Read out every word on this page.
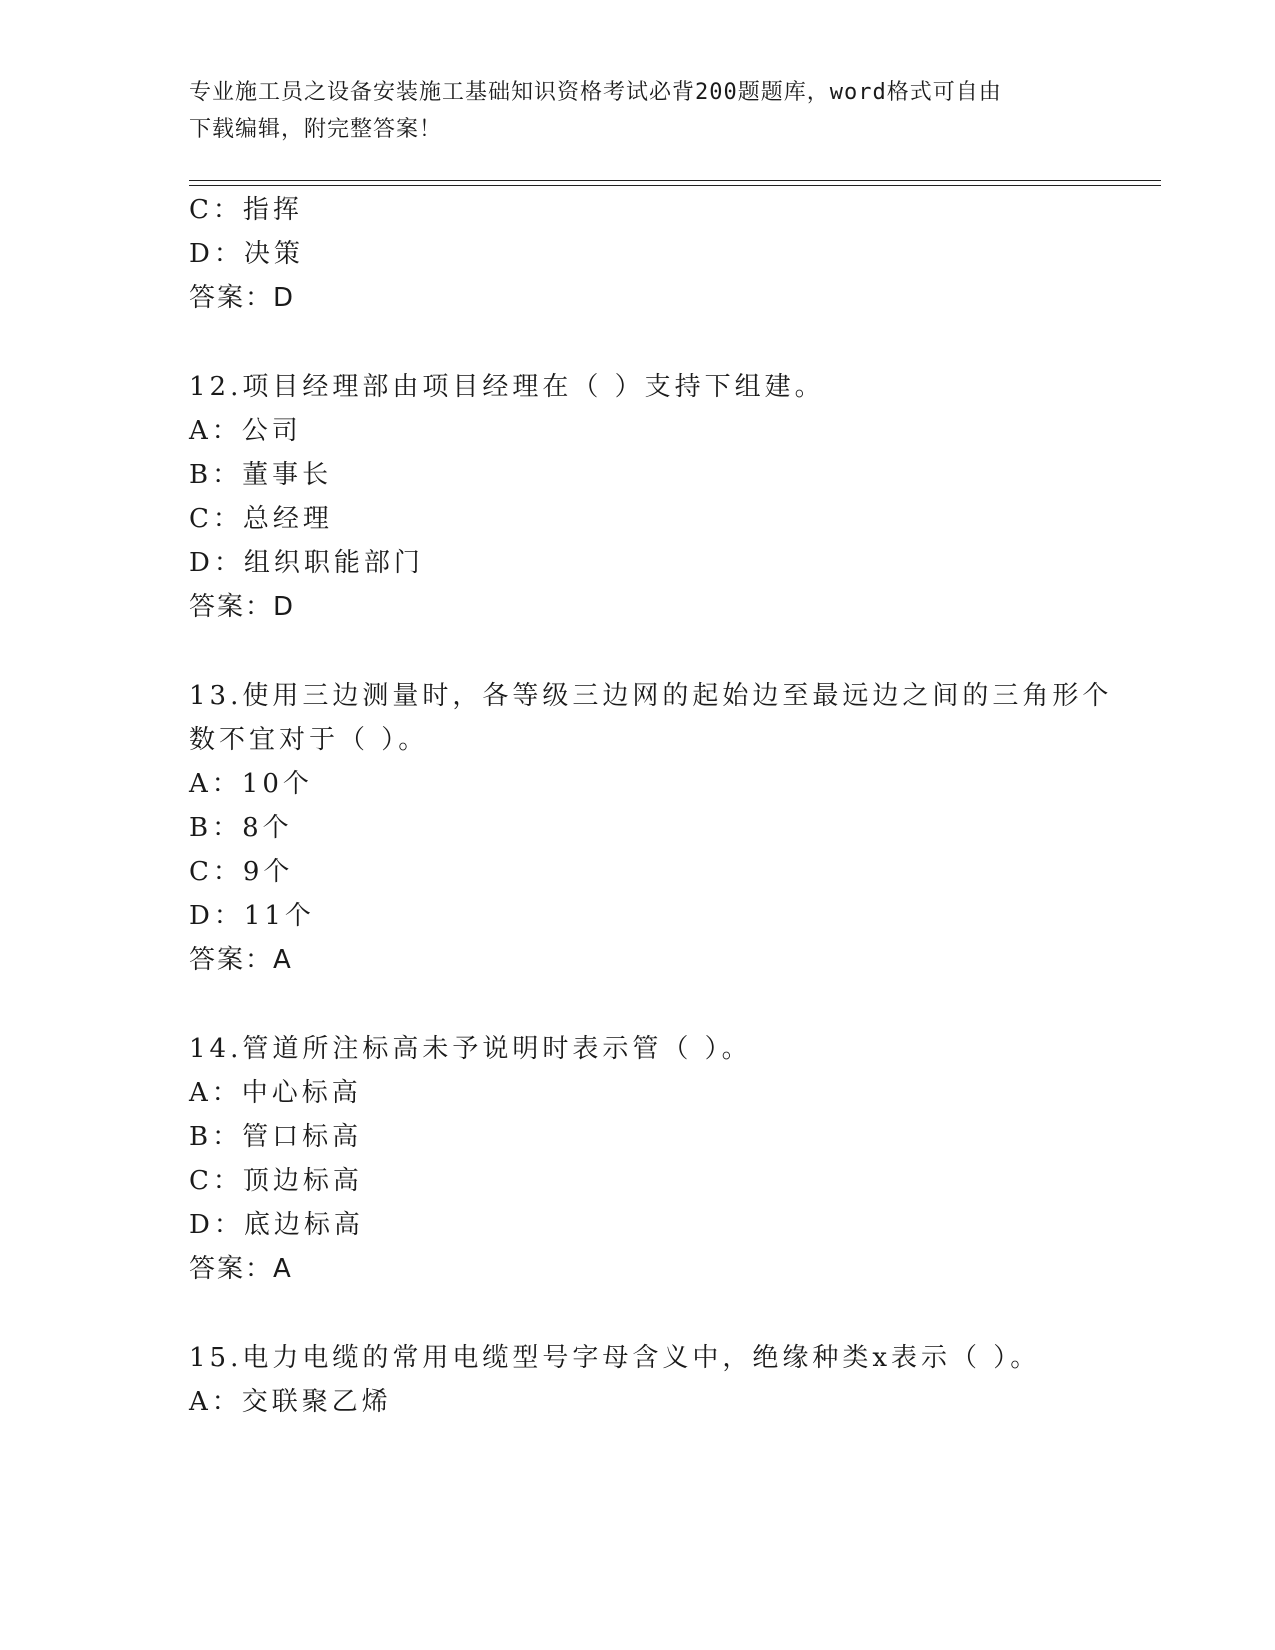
专业施工员之设备安装施工基础知识资格考试必背200题题库，word格式可自由
下载编辑，附完整答案！
C：指挥
D：决策
答案：D
12.项目经理部由项目经理在（ ）支持下组建。
A：公司
B：董事长
C：总经理
D：组织职能部门
答案：D
13.使用三边测量时，各等级三边网的起始边至最远边之间的三角形个
数不宜对于（ ）。
A：10个
B：8个
C：9个
D：11个
答案：A
14.管道所注标高未予说明时表示管（ ）。
A：中心标高
B：管口标高
C：顶边标高
D：底边标高
答案：A
15.电力电缆的常用电缆型号字母含义中，绝缘种类x表示（ ）。
A：交联聚乙烯
